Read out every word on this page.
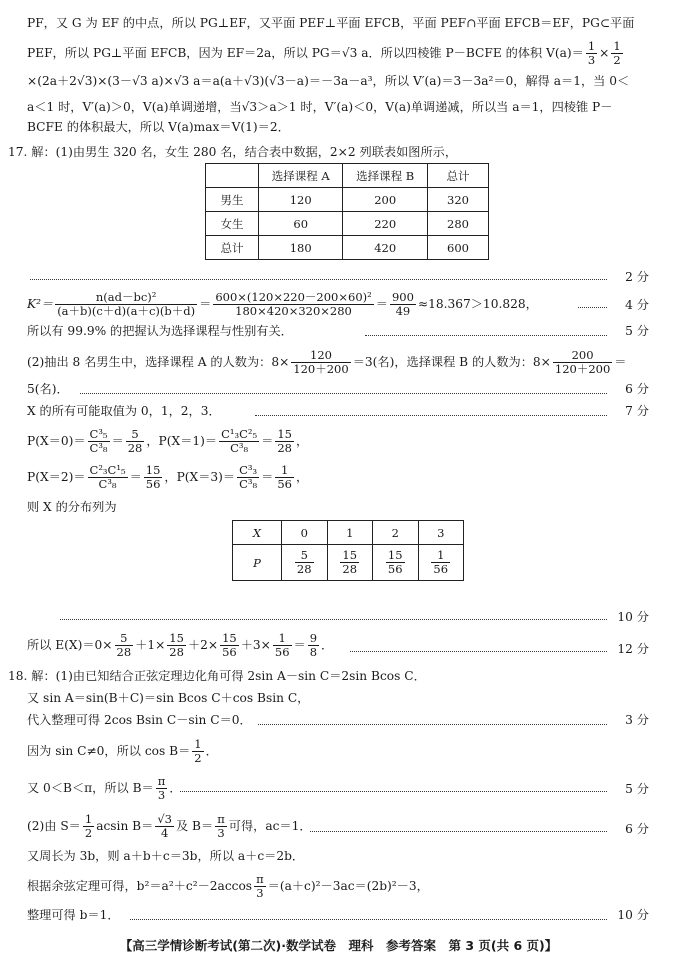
PF，又 G 为 EF 的中点，所以 PG⊥EF，又平面 PEF⊥平面 EFCB，平面 PEF∩平面 EFCB＝EF，PG⊂平面
PEF，所以 PG⊥平面 EFCB，因为 EF＝2a，所以 PG＝√3 a．所以四棱锥 P－BCFE 的体积 $V(a)= \frac{1}{3} \times \frac{1}{2}$
×(2a＋2√3)×(3－√3 a)×√3 a＝a(a＋√3)(√3－a)＝－3a－a³，所以 V′(a)＝3－3a²＝0，解得 a＝1，当 0＜
a＜1 时，V′(a)＞0，V(a)单调递增，当√3＞a＞1 时，V′(a)＜0，V(a)单调递减，所以当 a＝1，四棱锥 P－
BCFE 的体积最大，所以 V(a)max＝V(1)＝2．
17. 解：(1)由男生 320 名，女生 280 名，结合表中数据，2×2 列联表如图所示，
	选择课程 A	选择课程 B	总计
男生	120	200	320
女生	60	220	280
总计	180	420	600
2 分
$K^2= \frac{\text{n(ad－bc)²}}{(a+b)(c+d)(a+c)(b+d)} = \frac{\text{600×(120×220－200×60)²}}{180\times 420\times 320\times 280} = \frac{900}{49} \approx 18.367>10.828$，	4 分
所以有 99.9% 的把握认为选择课程与性别有关．	5 分
(2)抽出 8 名男生中，选择课程 A 的人数为：$8\times \frac{120}{120+200} =3$(名)，选择课程 B 的人数为：$8\times \frac{200}{120+200}$ ＝
5(名)．	6 分
X 的所有可能取值为 0，1，2，3．	7 分
$P(X=0)= \frac{\text{C³₅}}{\text{C³₈}} = \frac{5}{28}$ ，$P(X=1)= \frac{\text{C¹₃C²₅}}{\text{C³₈}} = \frac{15}{28}$ ，
$P(X=2)= \frac{\text{C²₃C¹₅}}{\text{C³₈}} = \frac{15}{56}$ ，$P(X=3)= \frac{\text{C³₃}}{\text{C³₈}} = \frac{1}{56}$ ，
则 X 的分布列为
X	0	1	2	3
P	$\frac{5}{28}$	$\frac{15}{28}$	$\frac{15}{56}$	$\frac{1}{56}$
10 分
所以 $E(X)=0\times \frac{5}{28} +1\times \frac{15}{28} +2\times \frac{15}{56} +3\times \frac{1}{56} = \frac{9}{8}$ ．	12 分
18. 解：(1)由已知结合正弦定理边化角可得 2sin A－sin C＝2sin Bcos C．
又 sin A＝sin(B＋C)＝sin Bcos C＋cos Bsin C，
代入整理可得 2cos Bsin C－sin C＝0．	3 分
因为 sin C≠0，所以 $\cos B= \frac{1}{2}$ ．
又 0＜B＜π，所以 $B= \frac{\pi}{3}$ ．	5 分
(2)由 $S= \frac{1}{2}$ acsin $B= \frac{√3}{4}$ 及 $B= \frac{\pi}{3}$ 可得，ac＝1．	6 分
又周长为 3b，则 a＋b＋c＝3b，所以 a＋c＝2b．
根据余弦定理可得，$b^2=a^2+c^2-2accos \frac{\pi}{3} =(a+c)^2-3ac=(2b)^2-3$，
整理可得 b＝1．	10 分
【高三学情诊断考试(第二次)·数学试卷　理科　参考答案　第 3 页(共 6 页)】
